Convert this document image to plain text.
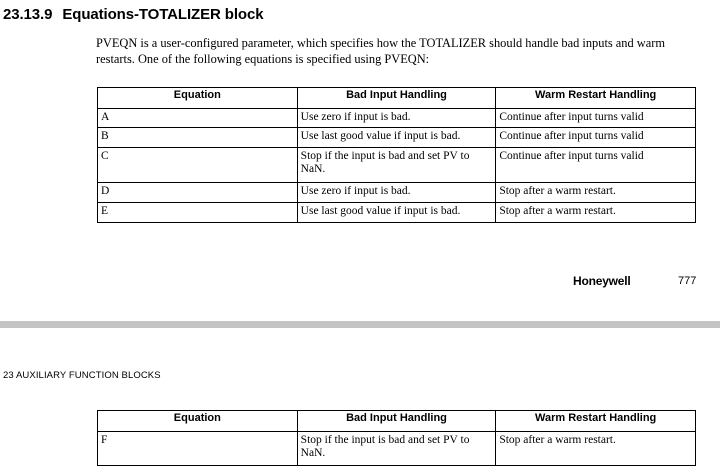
23.13.9 Equations-TOTALIZER block
PVEQN is a user-configured parameter, which specifies how the TOTALIZER should handle bad inputs and warm restarts. One of the following equations is specified using PVEQN:
Equation	Bad Input Handling	Warm Restart Handling
A	Use zero if input is bad.	Continue after input turns valid
B	Use last good value if input is bad.	Continue after input turns valid
C	Stop if the input is bad and set PV to NaN.	Continue after input turns valid
D	Use zero if input is bad.	Stop after a warm restart.
E	Use last good value if input is bad.	Stop after a warm restart.
Honeywell	777
23 AUXILIARY FUNCTION BLOCKS
Equation	Bad Input Handling	Warm Restart Handling
F	Stop if the input is bad and set PV to NaN.	Stop after a warm restart.
